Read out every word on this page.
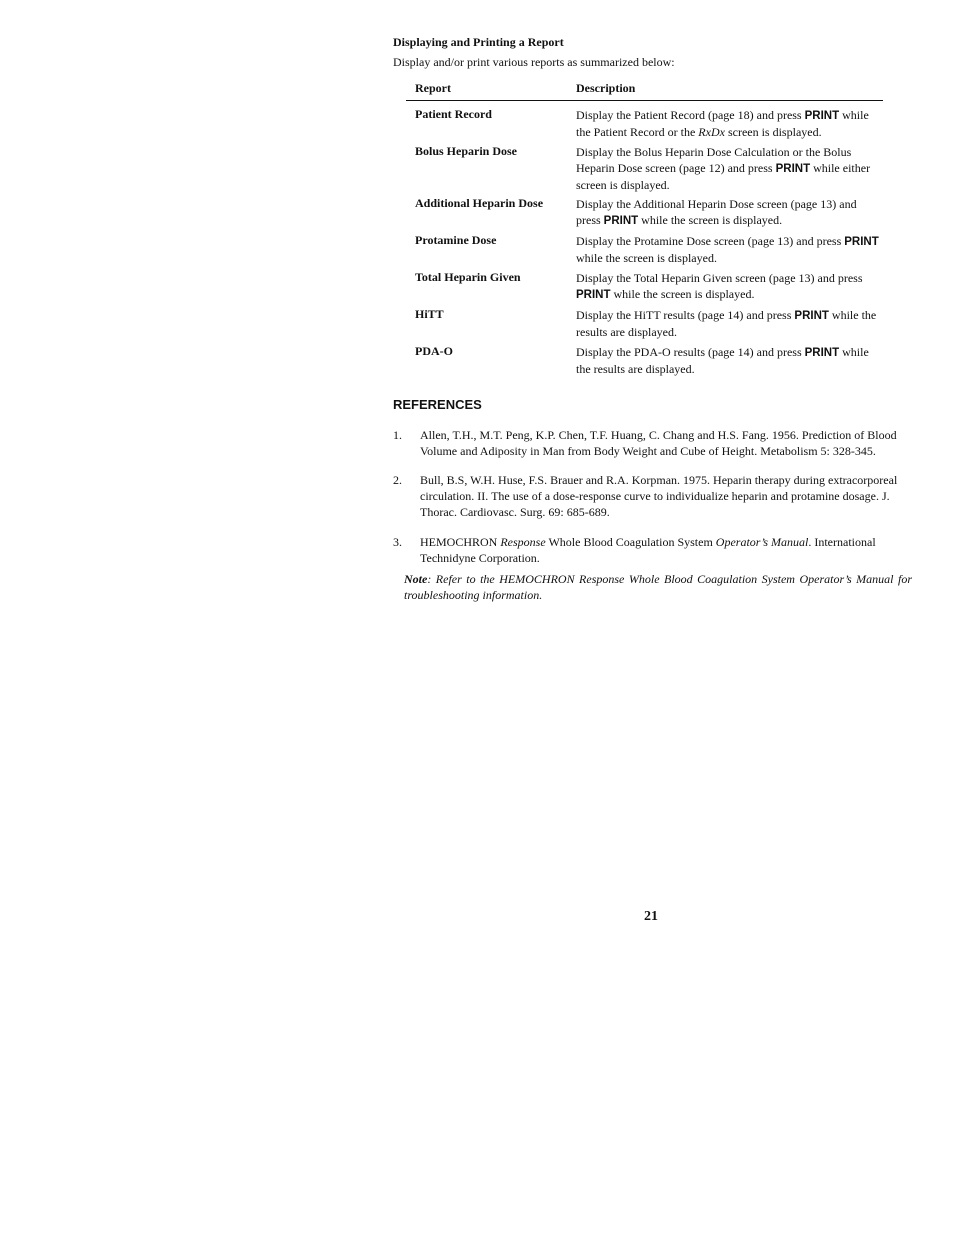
Displaying and Printing a Report
Display and/or print various reports as summarized below:
Report	Description
Patient Record	Display the Patient Record (page 18) and press PRINT while the Patient Record or the RxDx screen is displayed.
Bolus Heparin Dose	Display the Bolus Heparin Dose Calculation or the Bolus Heparin Dose screen (page 12) and press PRINT while either screen is displayed.
Additional Heparin Dose	Display the Additional Heparin Dose screen (page 13) and press PRINT while the screen is displayed.
Protamine Dose	Display the Protamine Dose screen (page 13) and press PRINT while the screen is displayed.
Total Heparin Given	Display the Total Heparin Given screen (page 13) and press PRINT while the screen is displayed.
HiTT	Display the HiTT results (page 14) and press PRINT while the results are displayed.
PDA-O	Display the PDA-O results (page 14) and press PRINT while the results are displayed.
REFERENCES
1. Allen, T.H., M.T. Peng, K.P. Chen, T.F. Huang, C. Chang and H.S. Fang. 1956. Prediction of Blood Volume and Adiposity in Man from Body Weight and Cube of Height. Metabolism 5: 328-345.
2. Bull, B.S, W.H. Huse, F.S. Brauer and R.A. Korpman. 1975. Heparin therapy during extracorporeal circulation. II. The use of a dose-response curve to individualize heparin and protamine dosage. J. Thorac. Cardiovasc. Surg. 69: 685-689.
3. HEMOCHRON Response Whole Blood Coagulation System Operator’s Manual. International Technidyne Corporation.
Note: Refer to the HEMOCHRON Response Whole Blood Coagulation System Operator’s Manual for troubleshooting information.
21
